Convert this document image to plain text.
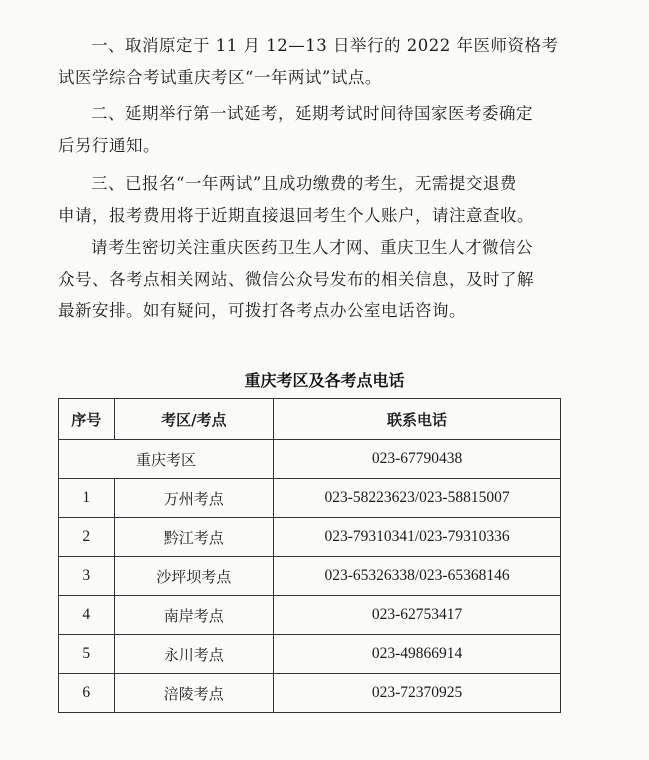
一、取消原定于 11 月 12—13 日举行的 2022 年医师资格考
试医学综合考试重庆考区“一年两试”试点。
二、延期举行第一试延考，延期考试时间待国家医考委确定
后另行通知。
三、已报名“一年两试”且成功缴费的考生，无需提交退费
申请，报考费用将于近期直接退回考生个人账户，请注意查收。
请考生密切关注重庆医药卫生人才网、重庆卫生人才微信公
众号、各考点相关网站、微信公众号发布的相关信息，及时了解
最新安排。如有疑问，可拨打各考点办公室电话咨询。
重庆考区及各考点电话
序号	考区/考点	联系电话
重庆考区		023-67790438
1	万州考点	023-58223623/023-58815007
2	黔江考点	023-79310341/023-79310336
3	沙坪坝考点	023-65326338/023-65368146
4	南岸考点	023-62753417
5	永川考点	023-49866914
6	涪陵考点	023-72370925
